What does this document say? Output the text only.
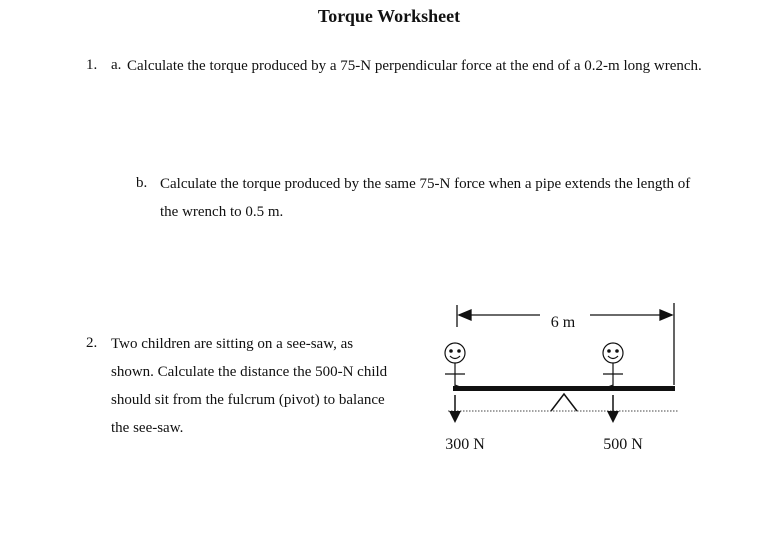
Torque Worksheet
1. a. Calculate the torque produced by a 75-N perpendicular force at the end of a 0.2-m long wrench.
b. Calculate the torque produced by the same 75-N force when a pipe extends the length of the wrench to 0.5 m.
2. Two children are sitting on a see-saw, as shown. Calculate the distance the 500-N child should sit from the fulcrum (pivot) to balance the see-saw.
6 m
300 N	500 N
